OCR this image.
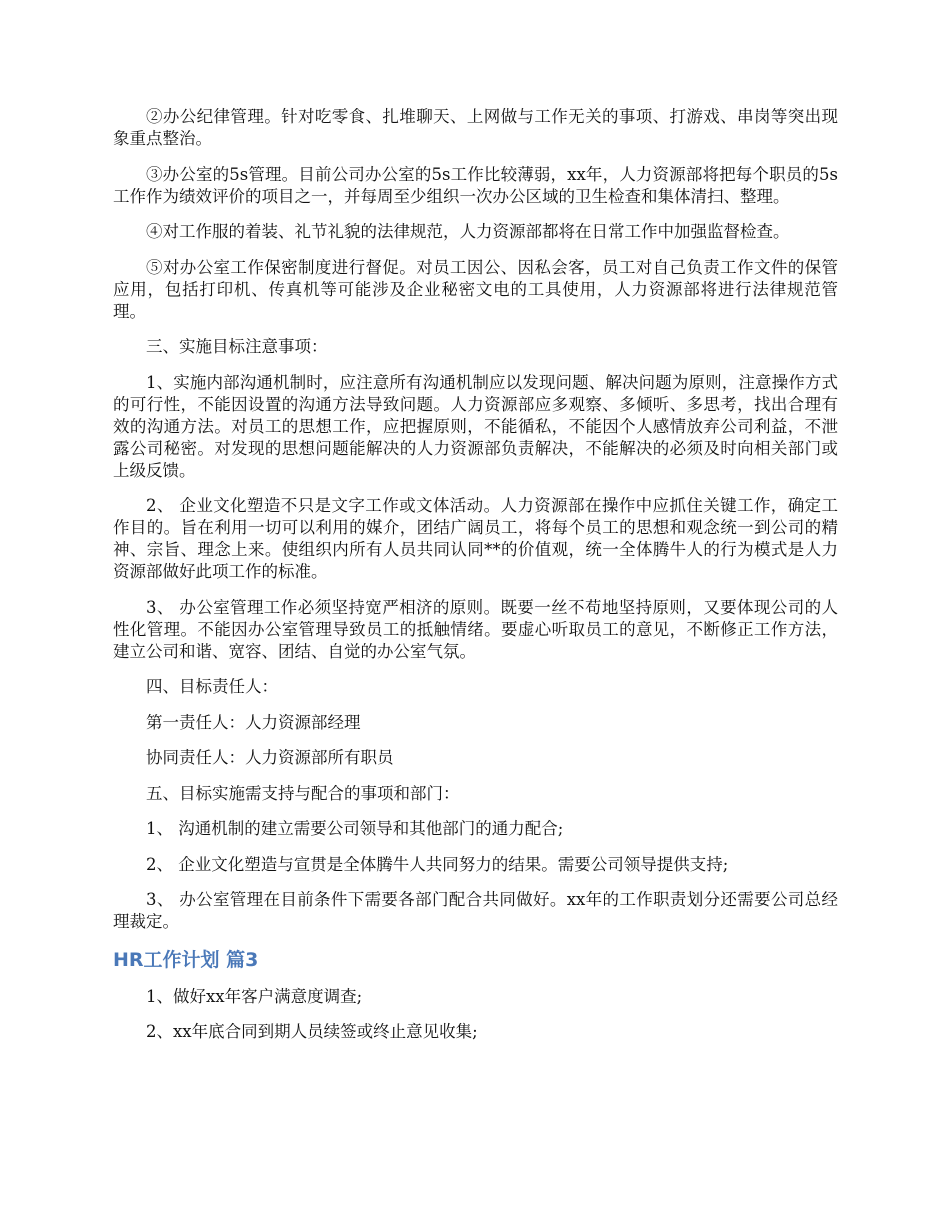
②办公纪律管理。针对吃零食、扎堆聊天、上网做与工作无关的事项、打游戏、串岗等突出现象重点整治。

③办公室的5s管理。目前公司办公室的5s工作比较薄弱，xx年，人力资源部将把每个职员的5s工作作为绩效评价的项目之一，并每周至少组织一次办公区域的卫生检查和集体清扫、整理。

④对工作服的着装、礼节礼貌的法律规范，人力资源部都将在日常工作中加强监督检查。

⑤对办公室工作保密制度进行督促。对员工因公、因私会客，员工对自己负责工作文件的保管应用，包括打印机、传真机等可能涉及企业秘密文电的工具使用，人力资源部将进行法律规范管理。

三、实施目标注意事项：

1、实施内部沟通机制时，应注意所有沟通机制应以发现问题、解决问题为原则，注意操作方式的可行性，不能因设置的沟通方法导致问题。人力资源部应多观察、多倾听、多思考，找出合理有效的沟通方法。对员工的思想工作，应把握原则，不能循私，不能因个人感情放弃公司利益，不泄露公司秘密。对发现的思想问题能解决的人力资源部负责解决，不能解决的必须及时向相关部门或上级反馈。

2、 企业文化塑造不只是文字工作或文体活动。人力资源部在操作中应抓住关键工作，确定工作目的。旨在利用一切可以利用的媒介，团结广阔员工，将每个员工的思想和观念统一到公司的精神、宗旨、理念上来。使组织内所有人员共同认同**的价值观，统一全体腾牛人的行为模式是人力资源部做好此项工作的标准。

3、 办公室管理工作必须坚持宽严相济的原则。既要一丝不苟地坚持原则，又要体现公司的人性化管理。不能因办公室管理导致员工的抵触情绪。要虚心听取员工的意见，不断修正工作方法，建立公司和谐、宽容、团结、自觉的办公室气氛。

四、目标责任人：

第一责任人：人力资源部经理

协同责任人：人力资源部所有职员

五、目标实施需支持与配合的事项和部门：

1、 沟通机制的建立需要公司领导和其他部门的通力配合;

2、 企业文化塑造与宣贯是全体腾牛人共同努力的结果。需要公司领导提供支持;

3、 办公室管理在目前条件下需要各部门配合共同做好。xx年的工作职责划分还需要公司总经理裁定。

HR工作计划 篇3

1、做好xx年客户满意度调查;

2、xx年底合同到期人员续签或终止意见收集;
